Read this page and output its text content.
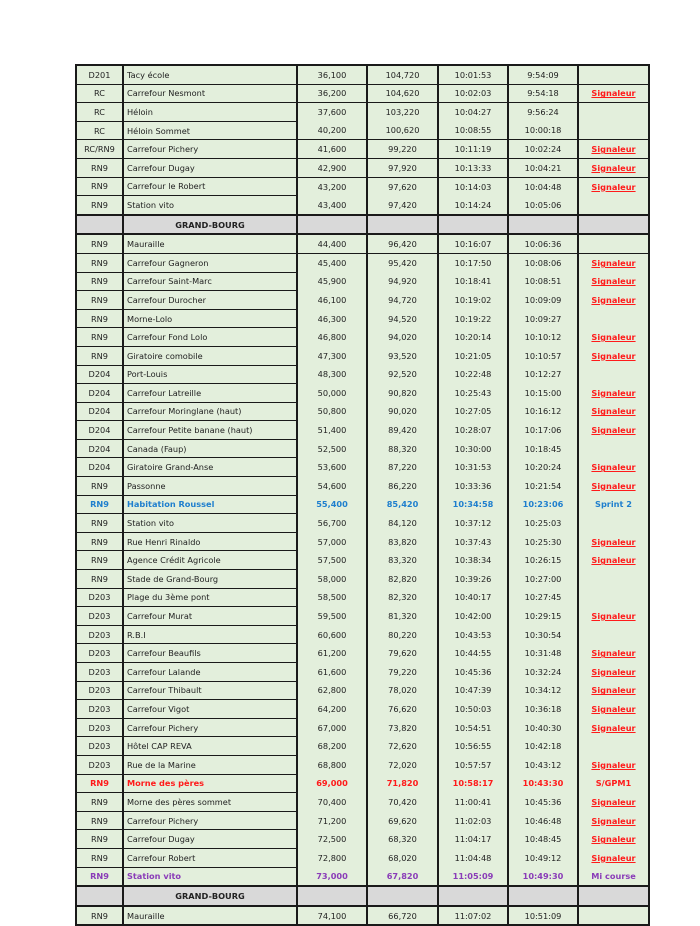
D201	Tacy école	36,100	104,720	10:01:53	9:54:09	
RC	Carrefour Nesmont	36,200	104,620	10:02:03	9:54:18	Signaleur
RC	Héloin	37,600	103,220	10:04:27	9:56:24	
RC	Héloin Sommet	40,200	100,620	10:08:55	10:00:18	
RC/RN9	Carrefour Pichery	41,600	99,220	10:11:19	10:02:24	Signaleur
RN9	Carrefour Dugay	42,900	97,920	10:13:33	10:04:21	Signaleur
RN9	Carrefour le Robert	43,200	97,620	10:14:03	10:04:48	Signaleur
RN9	Station vito	43,400	97,420	10:14:24	10:05:06	
	GRAND-BOURG					
RN9	Mauraille	44,400	96,420	10:16:07	10:06:36	
RN9	Carrefour Gagneron	45,400	95,420	10:17:50	10:08:06	Signaleur
RN9	Carrefour Saint-Marc	45,900	94,920	10:18:41	10:08:51	Signaleur
RN9	Carrefour Durocher	46,100	94,720	10:19:02	10:09:09	Signaleur
RN9	Morne-Lolo	46,300	94,520	10:19:22	10:09:27	
RN9	Carrefour Fond Lolo	46,800	94,020	10:20:14	10:10:12	Signaleur
RN9	Giratoire comobile	47,300	93,520	10:21:05	10:10:57	Signaleur
D204	Port-Louis	48,300	92,520	10:22:48	10:12:27	
D204	Carrefour Latreille	50,000	90,820	10:25:43	10:15:00	Signaleur
D204	Carrefour Moringlane (haut)	50,800	90,020	10:27:05	10:16:12	Signaleur
D204	Carrefour Petite banane (haut)	51,400	89,420	10:28:07	10:17:06	Signaleur
D204	Canada (Faup)	52,500	88,320	10:30:00	10:18:45	
D204	Giratoire Grand-Anse	53,600	87,220	10:31:53	10:20:24	Signaleur
RN9	Passonne	54,600	86,220	10:33:36	10:21:54	Signaleur
RN9	Habitation Roussel	55,400	85,420	10:34:58	10:23:06	Sprint 2
RN9	Station vito	56,700	84,120	10:37:12	10:25:03	
RN9	Rue Henri Rinaldo	57,000	83,820	10:37:43	10:25:30	Signaleur
RN9	Agence Crédit Agricole	57,500	83,320	10:38:34	10:26:15	Signaleur
RN9	Stade de Grand-Bourg	58,000	82,820	10:39:26	10:27:00	
D203	Plage du 3ème pont	58,500	82,320	10:40:17	10:27:45	
D203	Carrefour Murat	59,500	81,320	10:42:00	10:29:15	Signaleur
D203	R.B.I	60,600	80,220	10:43:53	10:30:54	
D203	Carrefour Beaufils	61,200	79,620	10:44:55	10:31:48	Signaleur
D203	Carrefour Lalande	61,600	79,220	10:45:36	10:32:24	Signaleur
D203	Carrefour Thibault	62,800	78,020	10:47:39	10:34:12	Signaleur
D203	Carrefour Vigot	64,200	76,620	10:50:03	10:36:18	Signaleur
D203	Carrefour Pichery	67,000	73,820	10:54:51	10:40:30	Signaleur
D203	Hôtel CAP REVA	68,200	72,620	10:56:55	10:42:18	
D203	Rue de la Marine	68,800	72,020	10:57:57	10:43:12	Signaleur
RN9	Morne des pères	69,000	71,820	10:58:17	10:43:30	S/GPM1
RN9	Morne des pères sommet	70,400	70,420	11:00:41	10:45:36	Signaleur
RN9	Carrefour Pichery	71,200	69,620	11:02:03	10:46:48	Signaleur
RN9	Carrefour Dugay	72,500	68,320	11:04:17	10:48:45	Signaleur
RN9	Carrefour Robert	72,800	68,020	11:04:48	10:49:12	Signaleur
RN9	Station vito	73,000	67,820	11:05:09	10:49:30	Mi course
	GRAND-BOURG					
RN9	Mauraille	74,100	66,720	11:07:02	10:51:09	
